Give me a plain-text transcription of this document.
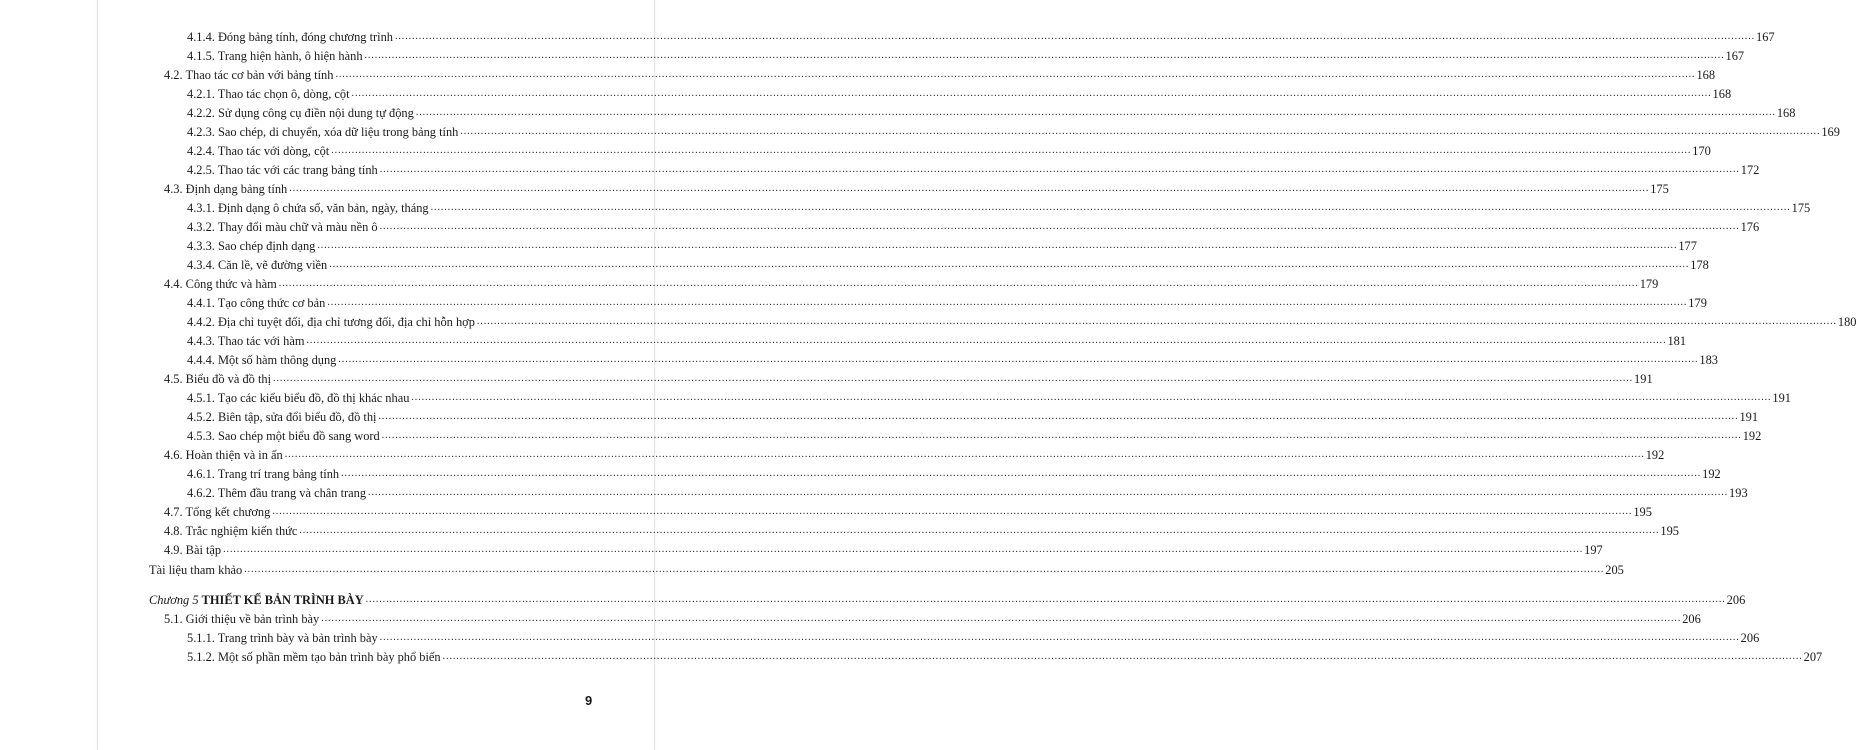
4.1.4. Đóng bảng tính, đóng chương trình ................................................................................................................................................................................................................................................................................................................................................................................................................ 167
4.1.5. Trang hiện hành, ô hiện hành ................................................................................................................................................................................................................................................................................................................................................................................................................ 167
4.2. Thao tác cơ bản với bảng tính ................................................................................................................................................................................................................................................................................................................................................................................................................ 168
4.2.1. Thao tác chọn ô, dòng, cột ................................................................................................................................................................................................................................................................................................................................................................................................................ 168
4.2.2. Sử dụng công cụ điền nội dung tự động ................................................................................................................................................................................................................................................................................................................................................................................................................ 168
4.2.3. Sao chép, di chuyển, xóa dữ liệu trong bảng tính ................................................................................................................................................................................................................................................................................................................................................................................................................ 169
4.2.4. Thao tác với dòng, cột ................................................................................................................................................................................................................................................................................................................................................................................................................ 170
4.2.5. Thao tác với các trang bảng tính ................................................................................................................................................................................................................................................................................................................................................................................................................ 172
4.3. Định dạng bảng tính ................................................................................................................................................................................................................................................................................................................................................................................................................ 175
4.3.1. Định dạng ô chứa số, văn bản, ngày, tháng ................................................................................................................................................................................................................................................................................................................................................................................................................ 175
4.3.2. Thay đổi màu chữ và màu nền ô ................................................................................................................................................................................................................................................................................................................................................................................................................ 176
4.3.3. Sao chép định dạng ................................................................................................................................................................................................................................................................................................................................................................................................................ 177
4.3.4. Căn lề, vẽ đường viền ................................................................................................................................................................................................................................................................................................................................................................................................................ 178
4.4. Công thức và hàm ................................................................................................................................................................................................................................................................................................................................................................................................................ 179
4.4.1. Tạo công thức cơ bản ................................................................................................................................................................................................................................................................................................................................................................................................................ 179
4.4.2. Địa chỉ tuyệt đối, địa chỉ tương đối, địa chỉ hỗn hợp ................................................................................................................................................................................................................................................................................................................................................................................................................ 180
4.4.3. Thao tác với hàm ................................................................................................................................................................................................................................................................................................................................................................................................................ 181
4.4.4. Một số hàm thông dụng ................................................................................................................................................................................................................................................................................................................................................................................................................ 183
4.5. Biểu đồ và đồ thị ................................................................................................................................................................................................................................................................................................................................................................................................................ 191
4.5.1. Tạo các kiểu biểu đồ, đồ thị khác nhau ................................................................................................................................................................................................................................................................................................................................................................................................................ 191
4.5.2. Biên tập, sửa đổi biểu đồ, đồ thị ................................................................................................................................................................................................................................................................................................................................................................................................................ 191
4.5.3. Sao chép một biểu đồ sang word ................................................................................................................................................................................................................................................................................................................................................................................................................ 192
4.6. Hoàn thiện và in ấn ................................................................................................................................................................................................................................................................................................................................................................................................................ 192
4.6.1. Trang trí trang bảng tính ................................................................................................................................................................................................................................................................................................................................................................................................................ 192
4.6.2. Thêm đầu trang và chân trang ................................................................................................................................................................................................................................................................................................................................................................................................................ 193
4.7. Tổng kết chương ................................................................................................................................................................................................................................................................................................................................................................................................................ 195
4.8. Trắc nghiệm kiến thức ................................................................................................................................................................................................................................................................................................................................................................................................................ 195
4.9. Bài tập ................................................................................................................................................................................................................................................................................................................................................................................................................ 197
Tài liệu tham khảo ................................................................................................................................................................................................................................................................................................................................................................................................................ 205
Chương 5 THIẾT KẾ BẢN TRÌNH BÀY ................................................................................................................................................................................................................................................................................................................................................................................................................ 206
5.1. Giới thiệu về bản trình bày ................................................................................................................................................................................................................................................................................................................................................................................................................ 206
5.1.1. Trang trình bày và bản trình bày ................................................................................................................................................................................................................................................................................................................................................................................................................ 206
5.1.2. Một số phần mềm tạo bản trình bày phổ biến ................................................................................................................................................................................................................................................................................................................................................................................................................ 207
9
